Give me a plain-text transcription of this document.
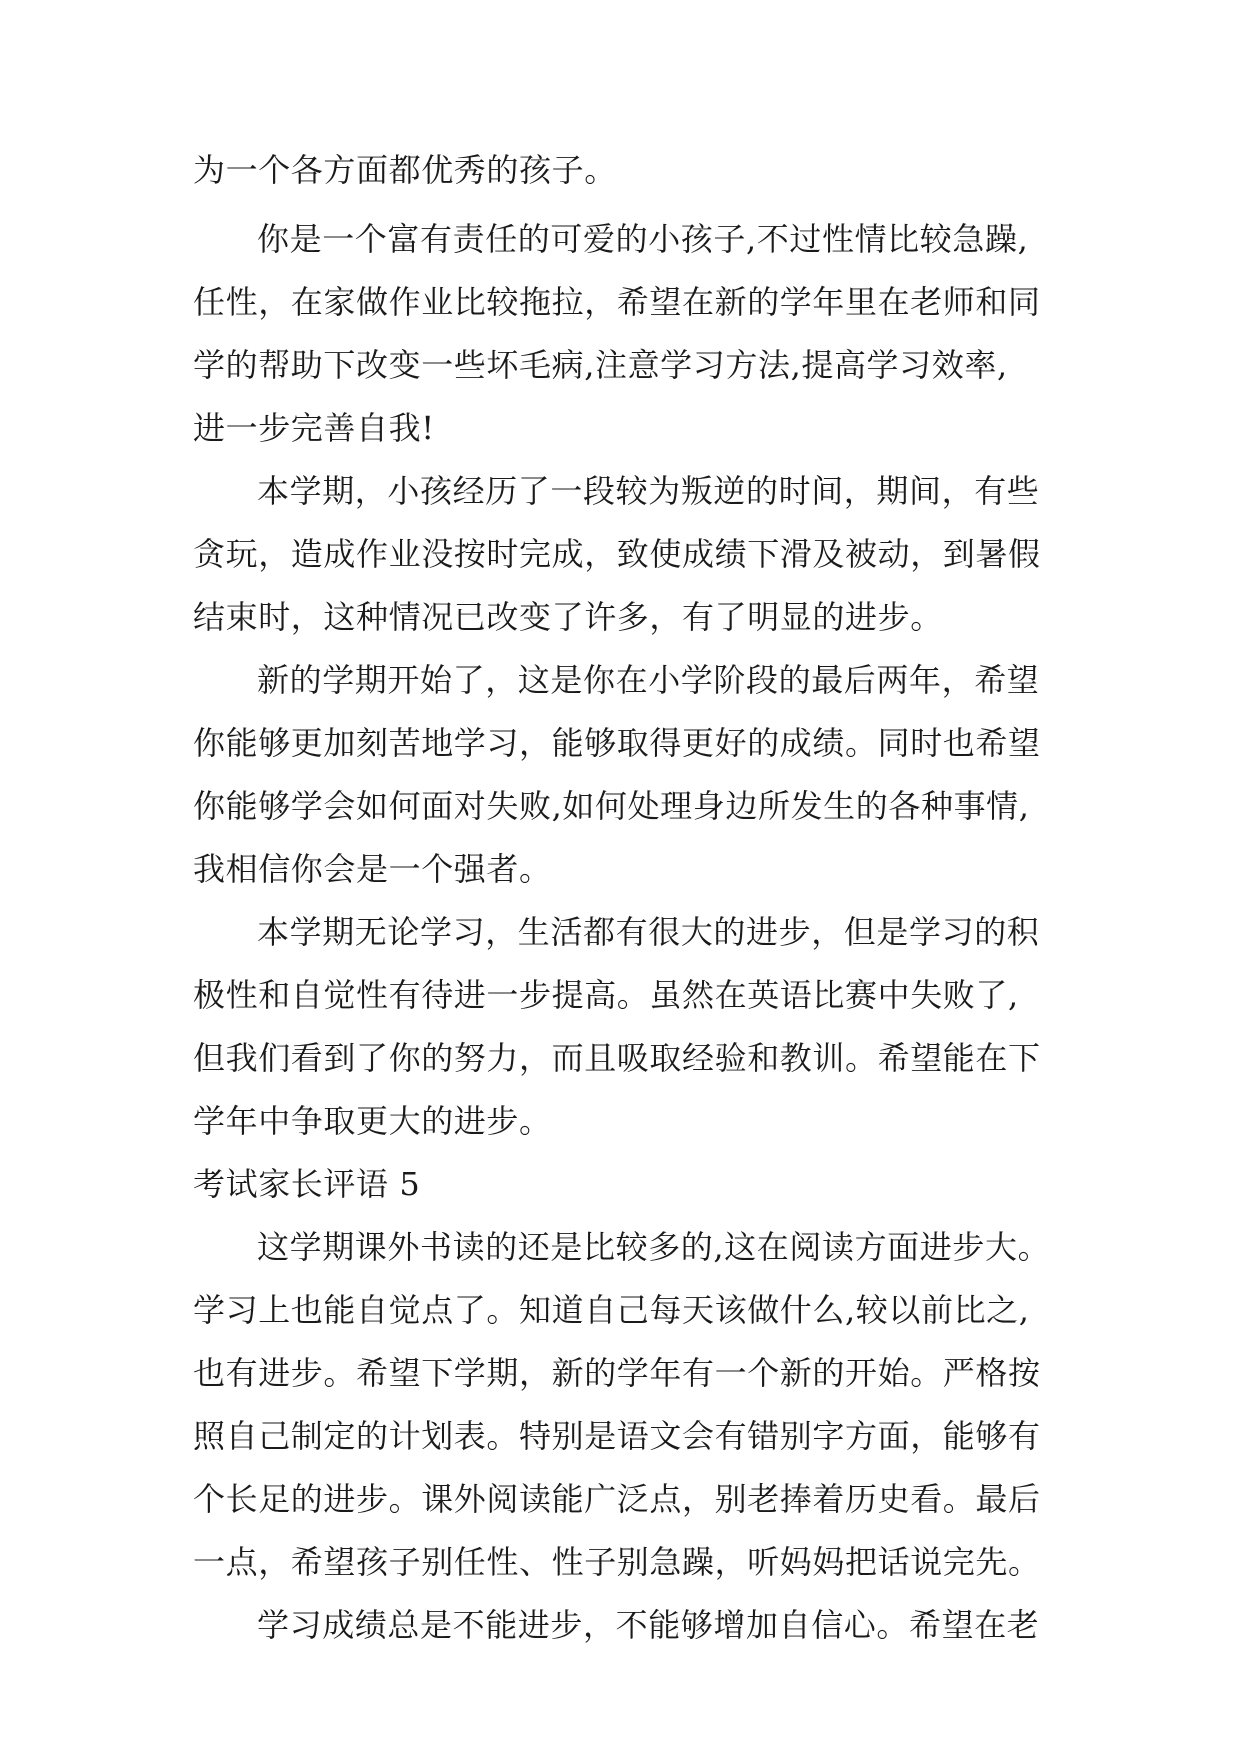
为一个各方面都优秀的孩子。
你是一个富有责任的可爱的小孩子,不过性情比较急躁,
任性，在家做作业比较拖拉，希望在新的学年里在老师和同
学的帮助下改变一些坏毛病,注意学习方法,提高学习效率,
进一步完善自我!
本学期，小孩经历了一段较为叛逆的时间，期间，有些
贪玩，造成作业没按时完成，致使成绩下滑及被动，到暑假
结束时，这种情况已改变了许多，有了明显的进步。
新的学期开始了，这是你在小学阶段的最后两年，希望
你能够更加刻苦地学习，能够取得更好的成绩。同时也希望
你能够学会如何面对失败,如何处理身边所发生的各种事情,
我相信你会是一个强者。
本学期无论学习，生活都有很大的进步，但是学习的积
极性和自觉性有待进一步提高。虽然在英语比赛中失败了,
但我们看到了你的努力，而且吸取经验和教训。希望能在下
学年中争取更大的进步。
考试家长评语 5
这学期课外书读的还是比较多的,这在阅读方面进步大。
学习上也能自觉点了。知道自己每天该做什么,较以前比之,
也有进步。希望下学期，新的学年有一个新的开始。严格按
照自己制定的计划表。特别是语文会有错别字方面，能够有
个长足的进步。课外阅读能广泛点，别老捧着历史看。最后
一点，希望孩子别任性、性子别急躁，听妈妈把话说完先。
学习成绩总是不能进步，不能够增加自信心。希望在老
